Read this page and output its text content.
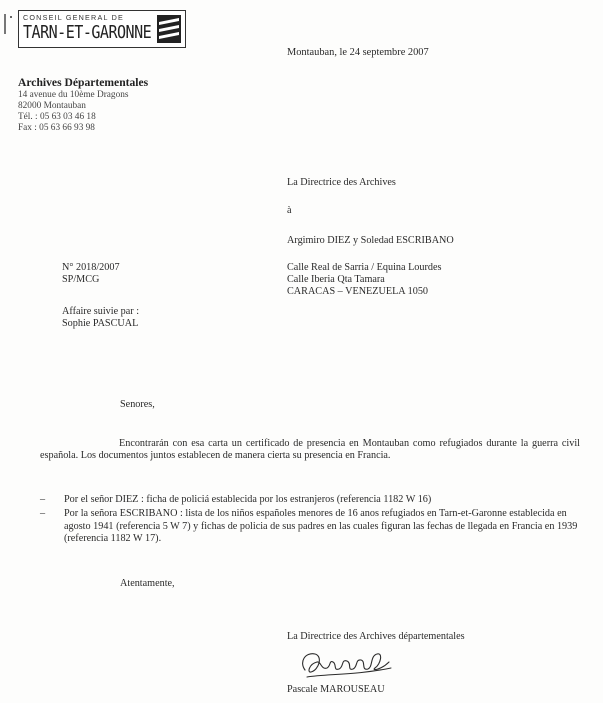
CONSEIL GENERAL DE
TARN-ET-GARONNE
Archives Départementales
14 avenue du 10ème Dragons
82000 Montauban
Tél. : 05 63 03 46 18
Fax : 05 63 66 93 98
Montauban, le 24 septembre 2007
La Directrice des Archives
à
Argimiro DIEZ y Soledad ESCRIBANO
Calle Real de Sarria / Equina Lourdes
Calle Iberia Qta Tamara
CARACAS – VENEZUELA 1050
N° 2018/2007
SP/MCG
Affaire suivie par :
Sophie PASCUAL
Senores,
Encontrarán con esa carta un certificado de presencia en Montauban como refugiados durante la guerra civil española. Los documentos juntos establecen de manera cierta su presencia en Francia.
– Por el señor DIEZ : ficha de policiá establecida por los estranjeros (referencia 1182 W 16)
– Por la señora ESCRIBANO : lista de los niños españoles menores de 16 anos refugiados en Tarn-et-Garonne establecida en agosto 1941 (referencia 5 W 7) y fichas de policia de sus padres en las cuales figuran las fechas de llegada en Francia en 1939 (referencia 1182 W 17).
Atentamente,
La Directrice des Archives départementales
Pascale MAROUSEAU
